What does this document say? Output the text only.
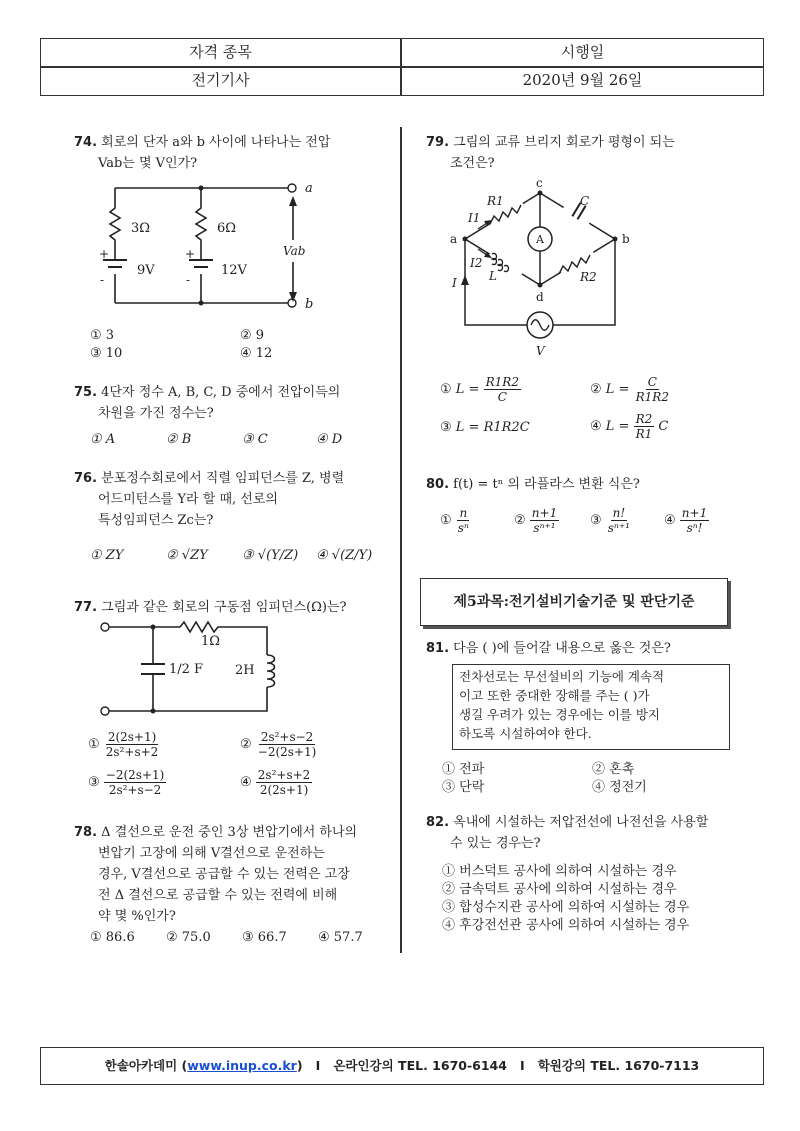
자격 종목	시행일
전기기사	2020년 9월 26일
74. 회로의 단자 a와 b 사이에 나타나는 전압
Vab는 몇 V인가?
3Ω	6Ω
9V	12V
+
-
+
-
a
b
Vab
① 3	② 9
③ 10	④ 12
75. 4단자 정수 A, B, C, D 중에서 전압이득의
차원을 가진 정수는?
① A	② B	③ C	④ D
76. 분포정수회로에서 직렬 임피던스를 Z, 병렬
어드미턴스를 Y라 할 때, 선로의
특성임피던스 Zc는?
① ZY	② √ZY	③ √(Y/Z) ④ √(Z/Y)
77. 그림과 같은 회로의 구동점 임피던스(Ω)는?
1Ω
1/2 F 2H
① $\frac{2(2s+1)}{\text{2s²+s+2}}$	② $\frac{\text{2s²+s−2}}{-2(2s+1)}$
③ $\frac{-2(2s+1)}{\text{2s²+s−2}}$	④ $\frac{\text{2s²+s+2}}{2(2s+1)}$
78. Δ 결선으로 운전 중인 3상 변압기에서 하나의
변압기 고장에 의해 V결선으로 운전하는
경우, V결선으로 공급할 수 있는 전력은 고장
전 Δ 결선으로 공급할 수 있는 전력에 비해
약 몇 %인가?
① 86.6 ② 75.0 ③ 66.7 ④ 57.7
79. 그림의 교류 브리지 회로가 평형이 되는
조건은?
c
a	b
d
R1	C
I1
I2
L	R2
I
V
A
① $L = \frac{R1R2}{C}$	② $L = \frac{C}{R1R2}$
③ L = R1R2C	④ $L = \frac{R2}{R1}$ C
80. f(t) = tⁿ 의 라플라스 변환 식은?
① $\frac{n}{\text{sⁿ}}$	② $\frac{n+1}{\text{sⁿ⁺¹}}$ ③ $\frac{n!}{\text{sⁿ⁺¹}}$ ④ $\frac{n+1}{\text{sⁿ!}}$
제5과목:전기설비기술기준 및 판단기준
81. 다음 ( )에 들어갈 내용으로 옳은 것은?
전차선로는 무선설비의 기능에 계속적
이고 또한 중대한 장해를 주는 ( )가
생길 우려가 있는 경우에는 이를 방지
하도록 시설하여야 한다.
① 전파	② 혼촉
③ 단락	④ 정전기
82. 옥내에 시설하는 저압전선에 나전선을 사용할
수 있는 경우는?
① 버스덕트 공사에 의하여 시설하는 경우
② 금속덕트 공사에 의하여 시설하는 경우
③ 합성수지관 공사에 의하여 시설하는 경우
④ 후강전선관 공사에 의하여 시설하는 경우
한솔아카데미 (www.inup.co.kr)   I   온라인강의 TEL. 1670-6144   I   학원강의 TEL. 1670-7113
